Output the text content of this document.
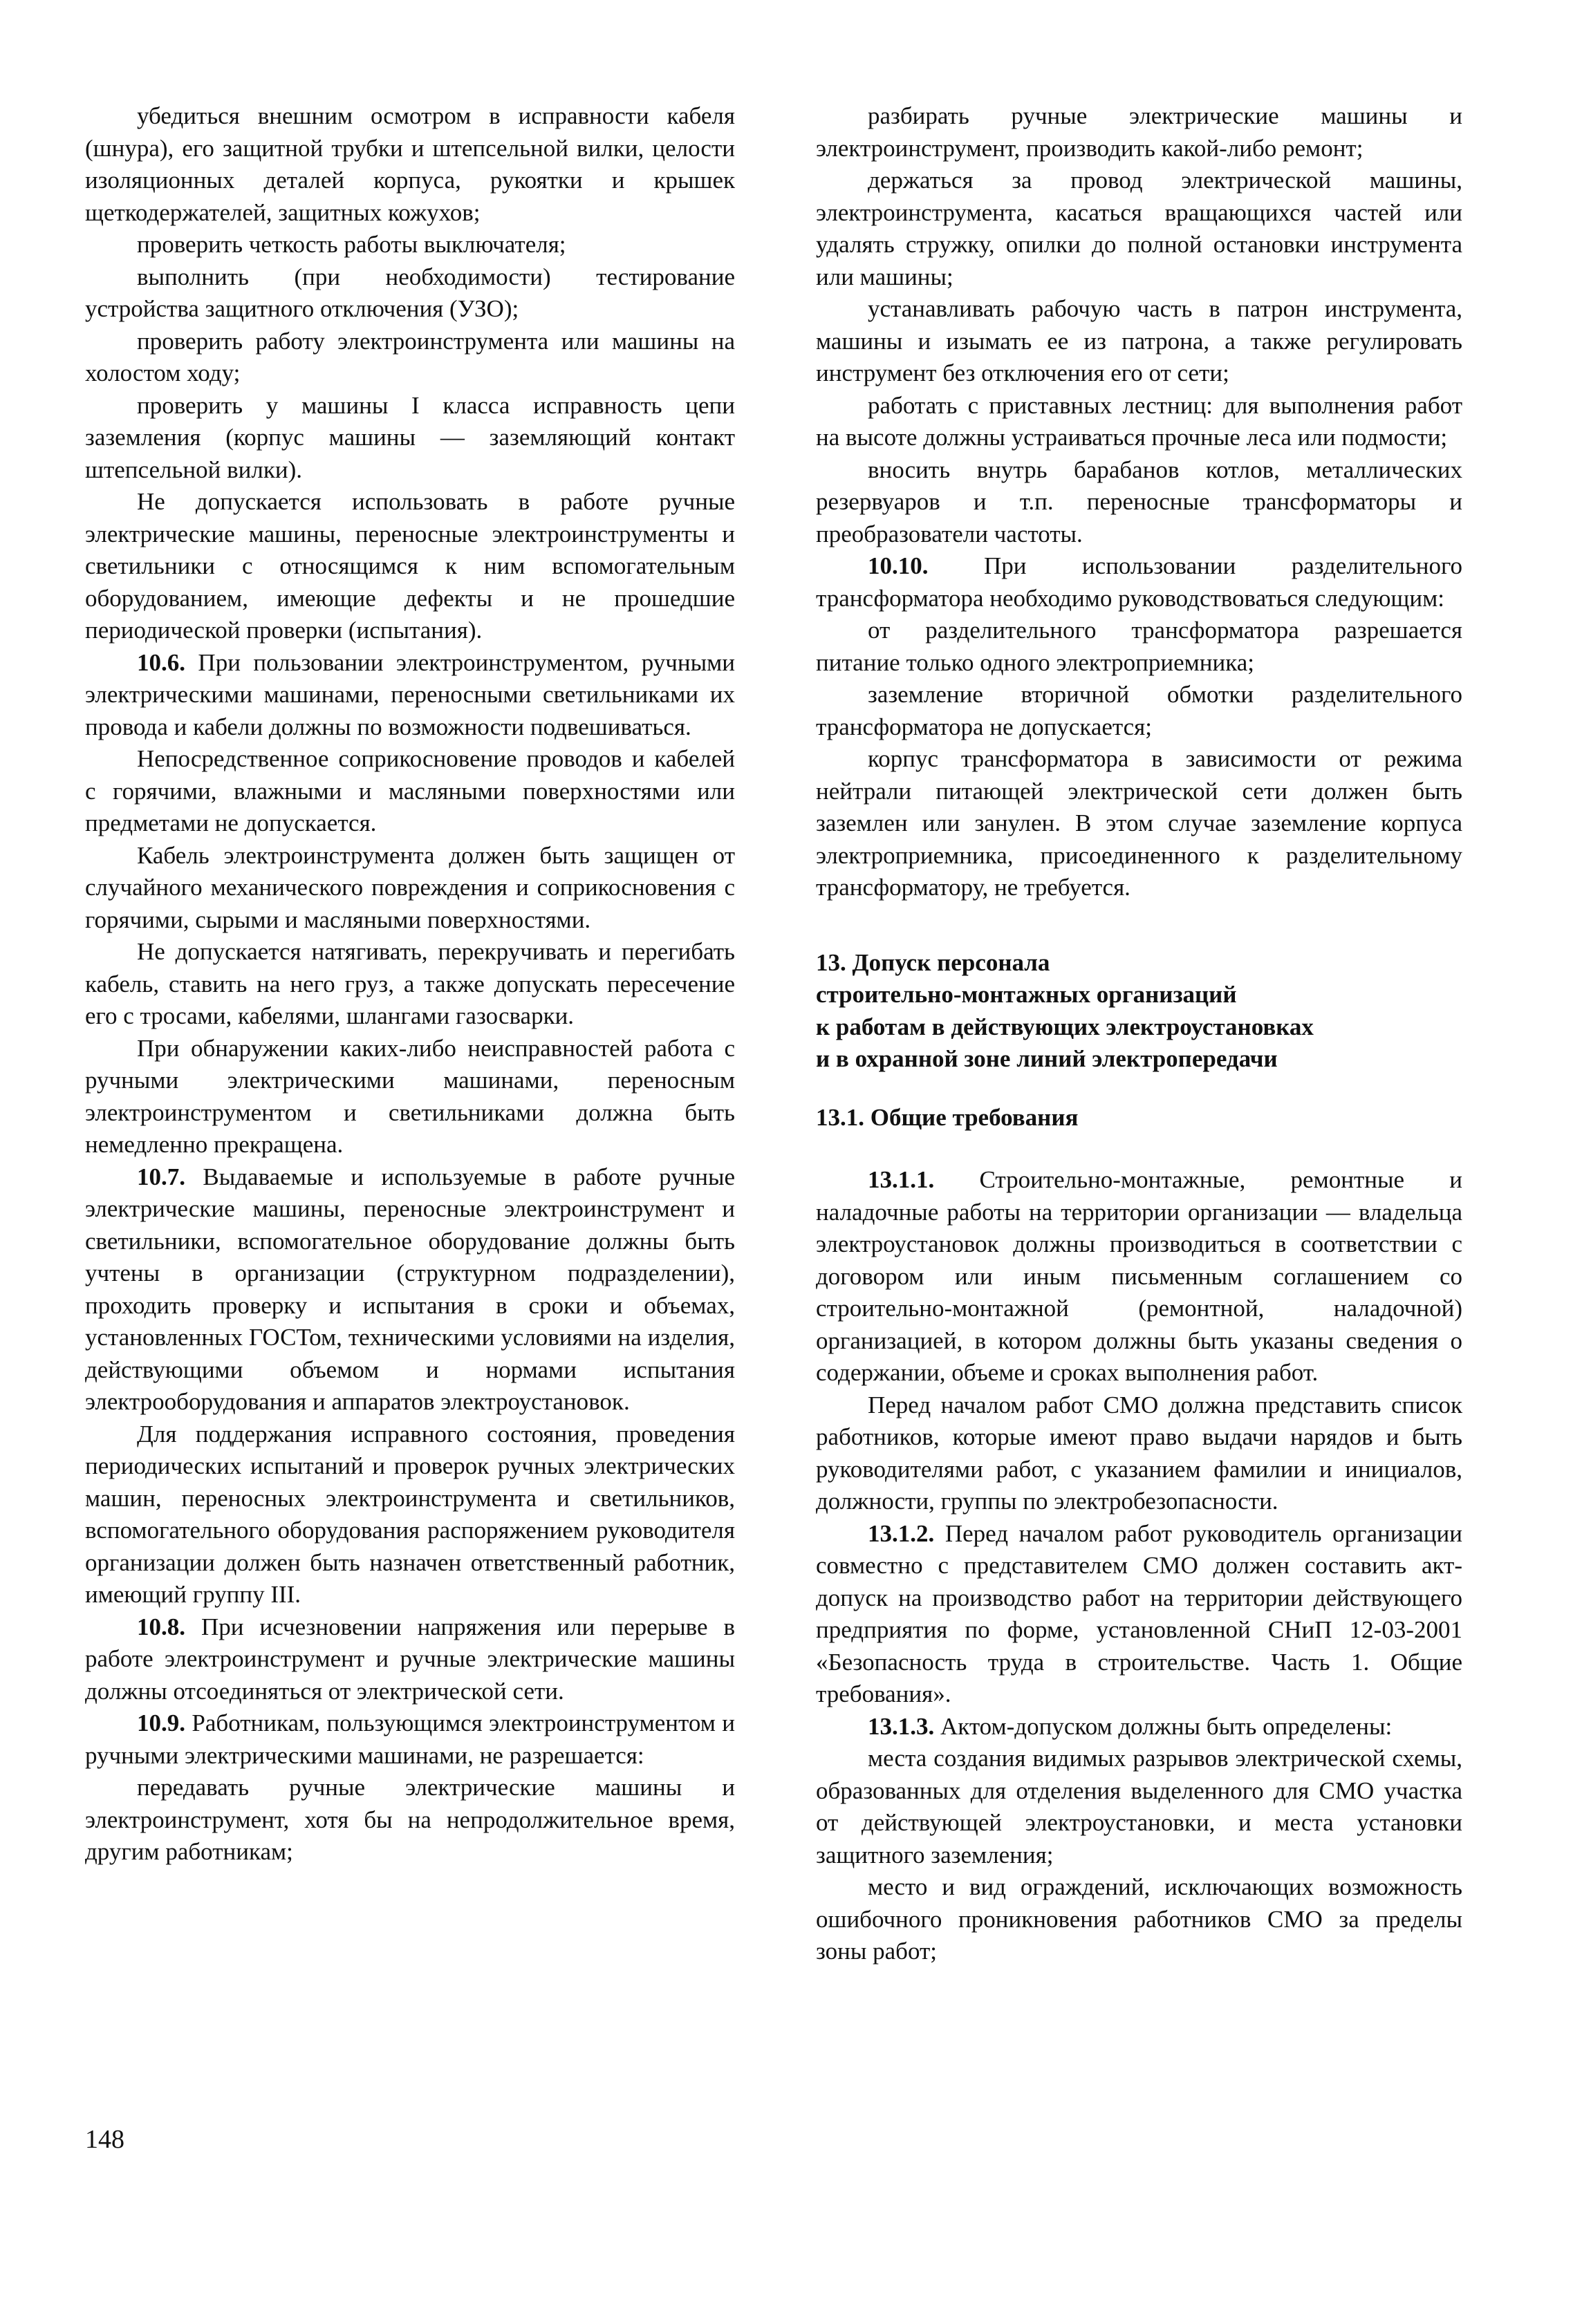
убедиться внешним осмотром в исправности кабеля (шнура), его защитной трубки и штепсельной вилки, целости изоляционных деталей корпуса, рукоятки и крышек щеткодержателей, защитных кожухов;

проверить четкость работы выключателя;

выполнить (при необходимости) тестирование устройства защитного отключения (УЗО);

проверить работу электроинструмента или машины на холостом ходу;

проверить у машины I класса исправность цепи заземления (корпус машины — заземляющий контакт штепсельной вилки).

Не допускается использовать в работе ручные электрические машины, переносные электроинструменты и светильники с относящимся к ним вспомогательным оборудованием, имеющие дефекты и не прошедшие периодической проверки (испытания).

10.6. При пользовании электроинструментом, ручными электрическими машинами, переносными светильниками их провода и кабели должны по возможности подвешиваться.

Непосредственное соприкосновение проводов и кабелей с горячими, влажными и масляными поверхностями или предметами не допускается.

Кабель электроинструмента должен быть защищен от случайного механического повреждения и соприкосновения с горячими, сырыми и масляными поверхностями.

Не допускается натягивать, перекручивать и перегибать кабель, ставить на него груз, а также допускать пересечение его с тросами, кабелями, шлангами газосварки.

При обнаружении каких-либо неисправностей работа с ручными электрическими машинами, переносным электроинструментом и светильниками должна быть немедленно прекращена.

10.7. Выдаваемые и используемые в работе ручные электрические машины, переносные электроинструмент и светильники, вспомогательное оборудование должны быть учтены в организации (структурном подразделении), проходить проверку и испытания в сроки и объемах, установленных ГОСТом, техническими условиями на изделия, действующими объемом и нормами испытания электрооборудования и аппаратов электроустановок.

Для поддержания исправного состояния, проведения периодических испытаний и проверок ручных электрических машин, переносных электроинструмента и светильников, вспомогательного оборудования распоряжением руководителя организации должен быть назначен ответственный работник, имеющий группу III.

10.8. При исчезновении напряжения или перерыве в работе электроинструмент и ручные электрические машины должны отсоединяться от электрической сети.

10.9. Работникам, пользующимся электроинструментом и ручными электрическими машинами, не разрешается:

передавать ручные электрические машины и электроинструмент, хотя бы на непродолжительное время, другим работникам;

разбирать ручные электрические машины и электроинструмент, производить какой-либо ремонт;

держаться за провод электрической машины, электроинструмента, касаться вращающихся частей или удалять стружку, опилки до полной остановки инструмента или машины;

устанавливать рабочую часть в патрон инструмента, машины и изымать ее из патрона, а также регулировать инструмент без отключения его от сети;

работать с приставных лестниц: для выполнения работ на высоте должны устраиваться прочные леса или подмости;

вносить внутрь барабанов котлов, металлических резервуаров и т.п. переносные трансформаторы и преобразователи частоты.

10.10. При использовании разделительного трансформатора необходимо руководствоваться следующим:

от разделительного трансформатора разрешается питание только одного электроприемника;

заземление вторичной обмотки разделительного трансформатора не допускается;

корпус трансформатора в зависимости от режима нейтрали питающей электрической сети должен быть заземлен или занулен. В этом случае заземление корпуса электроприемника, присоединенного к разделительному трансформатору, не требуется.

13. Допуск персонала

строительно-монтажных организаций

к работам в действующих электроустановках

и в охранной зоне линий электропередачи

13.1. Общие требования

13.1.1. Строительно-монтажные, ремонтные и наладочные работы на территории организации — владельца электроустановок должны производиться в соответствии с договором или иным письменным соглашением со строительно-монтажной (ремонтной, наладочной) организацией, в котором должны быть указаны сведения о содержании, объеме и сроках выполнения работ.

Перед началом работ СМО должна представить список работников, которые имеют право выдачи нарядов и быть руководителями работ, с указанием фамилии и инициалов, должности, группы по электробезопасности.

13.1.2. Перед началом работ руководитель организации совместно с представителем СМО должен составить акт-допуск на производство работ на территории действующего предприятия по форме, установленной СНиП 12-03-2001 «Безопасность труда в строительстве. Часть 1. Общие требования».

13.1.3. Актом-допуском должны быть определены:

места создания видимых разрывов электрической схемы, образованных для отделения выделенного для СМО участка от действующей электроустановки, и места установки защитного заземления;

место и вид ограждений, исключающих возможность ошибочного проникновения работников СМО за пределы зоны работ;

148
